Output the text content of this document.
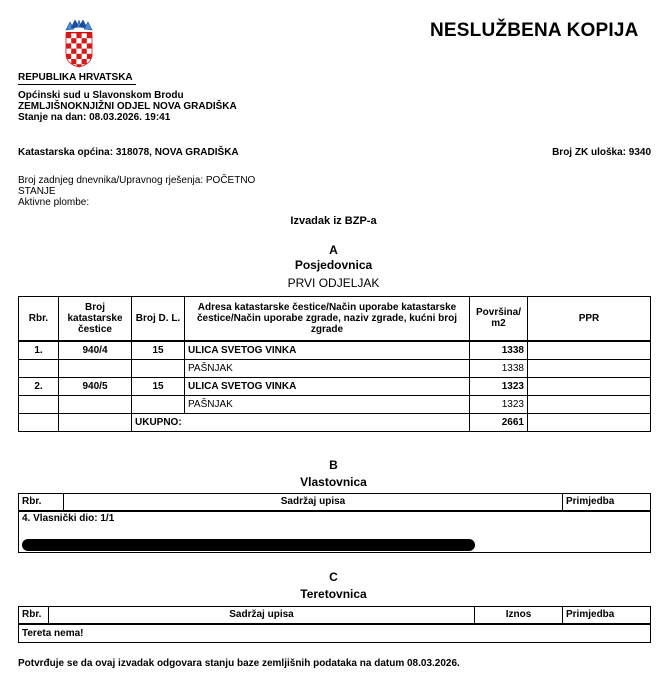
NESLUŽBENA KOPIJA
REPUBLIKA HRVATSKA
Općinski sud u Slavonskom Brodu
ZEMLJIŠNOKNJIŽNI ODJEL NOVA GRADIŠKA
Stanje na dan: 08.03.2026. 19:41
Katastarska općina: 318078, NOVA GRADIŠKA	Broj ZK uloška: 9340
Broj zadnjeg dnevnika/Upravnog rješenja: POČETNO
STANJE
Aktivne plombe:
Izvadak iz BZP-a
A
Posjedovnica
PRVI ODJELJAK
Rbr.	Broj katastarske čestice	Broj D. L.	Adresa katastarske čestice/Način uporabe katastarske čestice/Način uporabe zgrade, naziv zgrade, kućni broj zgrade	Površina/ m2	PPR
1.	940/4	15	ULICA SVETOG VINKA	1338	
			PAŠNJAK	1338	
2.	940/5	15	ULICA SVETOG VINKA	1323	
			PAŠNJAK	1323	
		UKUPNO:		2661	
B
Vlastovnica
Rbr.	Sadržaj upisa	Primjedba
4. Vlasnički dio: 1/1
C
Teretovnica
Rbr.	Sadržaj upisa	Iznos	Primjedba
Tereta nema!
Potvrđuje se da ovaj izvadak odgovara stanju baze zemljišnih podataka na datum 08.03.2026.
